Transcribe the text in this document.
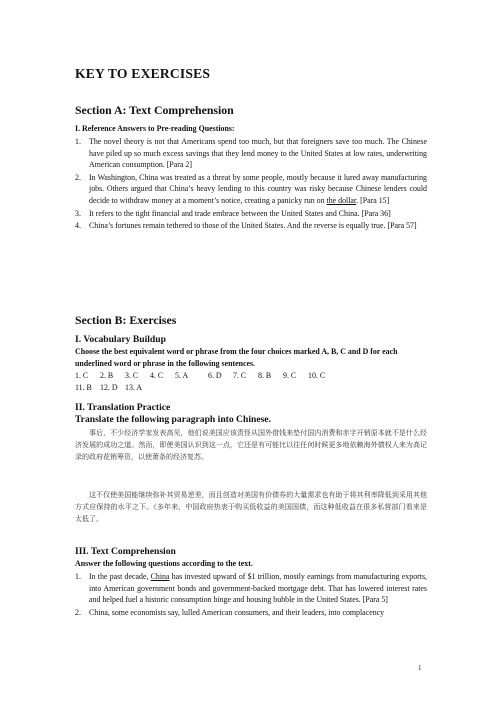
KEY TO EXERCISES
Section A: Text Comprehension
I. Reference Answers to Pre-reading Questions:
1. The novel theory is not that Americans spend too much, but that foreigners save too much. The Chinese have piled up so much excess savings that they lend money to the United States at low rates, underwriting American consumption. [Para 2]
2. In Washington, China was treated as a threat by some people, mostly because it lured away manufacturing jobs. Others argued that China’s heavy lending to this country was risky because Chinese lenders could decide to withdraw money at a moment’s notice, creating a panicky run on the dollar. [Para 15]
3. It refers to the tight financial and trade embrace between the United States and China. [Para 36]
4. China’s fortunes remain tethered to those of the United States. And the reverse is equally true. [Para 57]
Section B: Exercises
I. Vocabulary Buildup
Choose the best equivalent word or phrase from the four choices marked A, B, C and D for each underlined word or phrase in the following sentences.
1. C 2. B 3. C 4. C 5. A	6. D 7. C 8. B 9. C 10. C
11. B 12. D 13. A
II. Translation Practice
Translate the following paragraph into Chinese.
事后，不少经济学家发表高见，他们说美国应该责怪从国外借钱来垫付国内消费和赤字开销原本就不是什么经济发展的成功之道。然而，即使美国认识到这一点，它还是有可能比以往任何时候更多地依赖海外债权人来为高记录的政府花销筹资，以使萧条的经济复苏。
这不仅使美国能继续弥补其贸易逆差，而且创造对美国有价债券的大量需求也有助于将其利率降低到采用其他方式应保持的水平之下。《多年来，中国政府热衷于购买低收益的美国国债，而这种低收益在很多私营部门看来是太低了。
III. Text Comprehension
Answer the following questions according to the text.
1. In the past decade, China has invested upward of $1 trillion, mostly earnings from manufacturing exports, into American government bonds and government-backed mortgage debt. That has lowered interest rates and helped fuel a historic consumption binge and housing bubble in the United States. [Para 5]
2. China, some economists say, lulled American consumers, and their leaders, into complacency
1
